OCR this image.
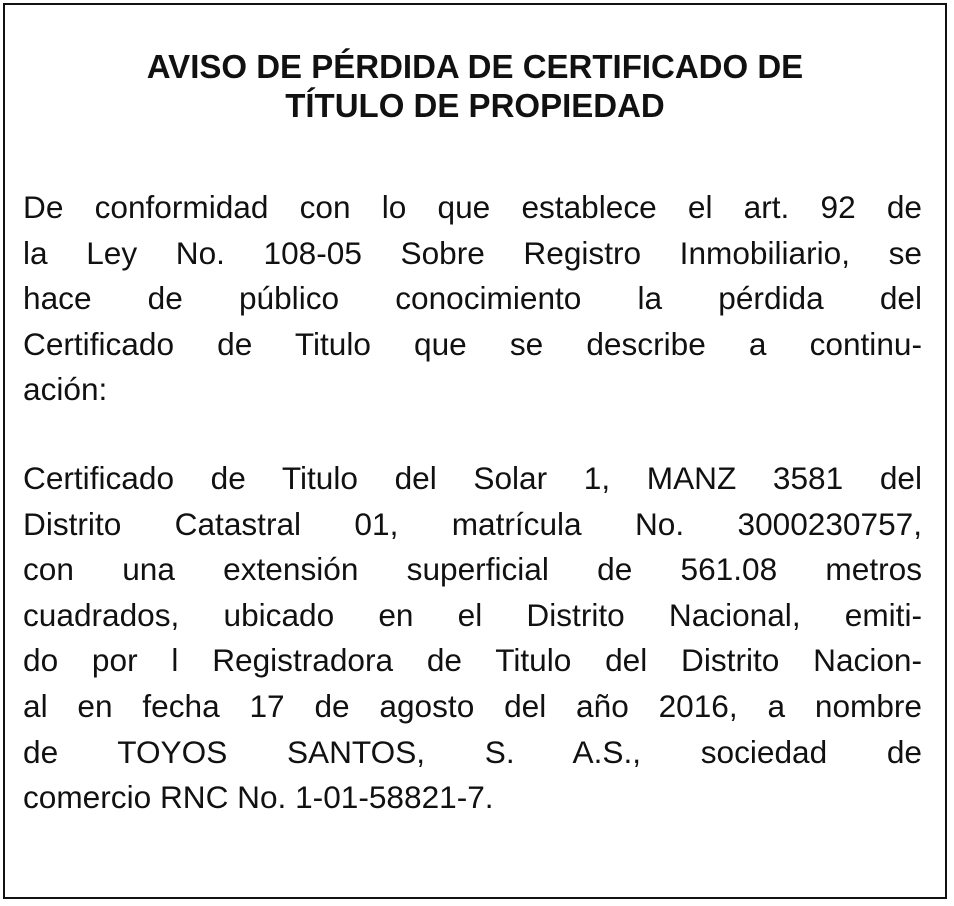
AVISO DE PÉRDIDA DE CERTIFICADO DE
TÍTULO DE PROPIEDAD

De conformidad con lo que establece el art. 92 de
la Ley No. 108-05 Sobre Registro Inmobiliario, se
hace de público conocimiento la pérdida del
Certificado de Titulo que se describe a continu-
ación:

Certificado de Titulo del Solar 1, MANZ 3581 del
Distrito Catastral 01, matrícula No. 3000230757,
con una extensión superficial de 561.08 metros
cuadrados, ubicado en el Distrito Nacional, emiti-
do por l Registradora de Titulo del Distrito Nacion-
al en fecha 17 de agosto del año 2016, a nombre
de TOYOS SANTOS, S. A.S., sociedad de
comercio RNC No. 1-01-58821-7.
